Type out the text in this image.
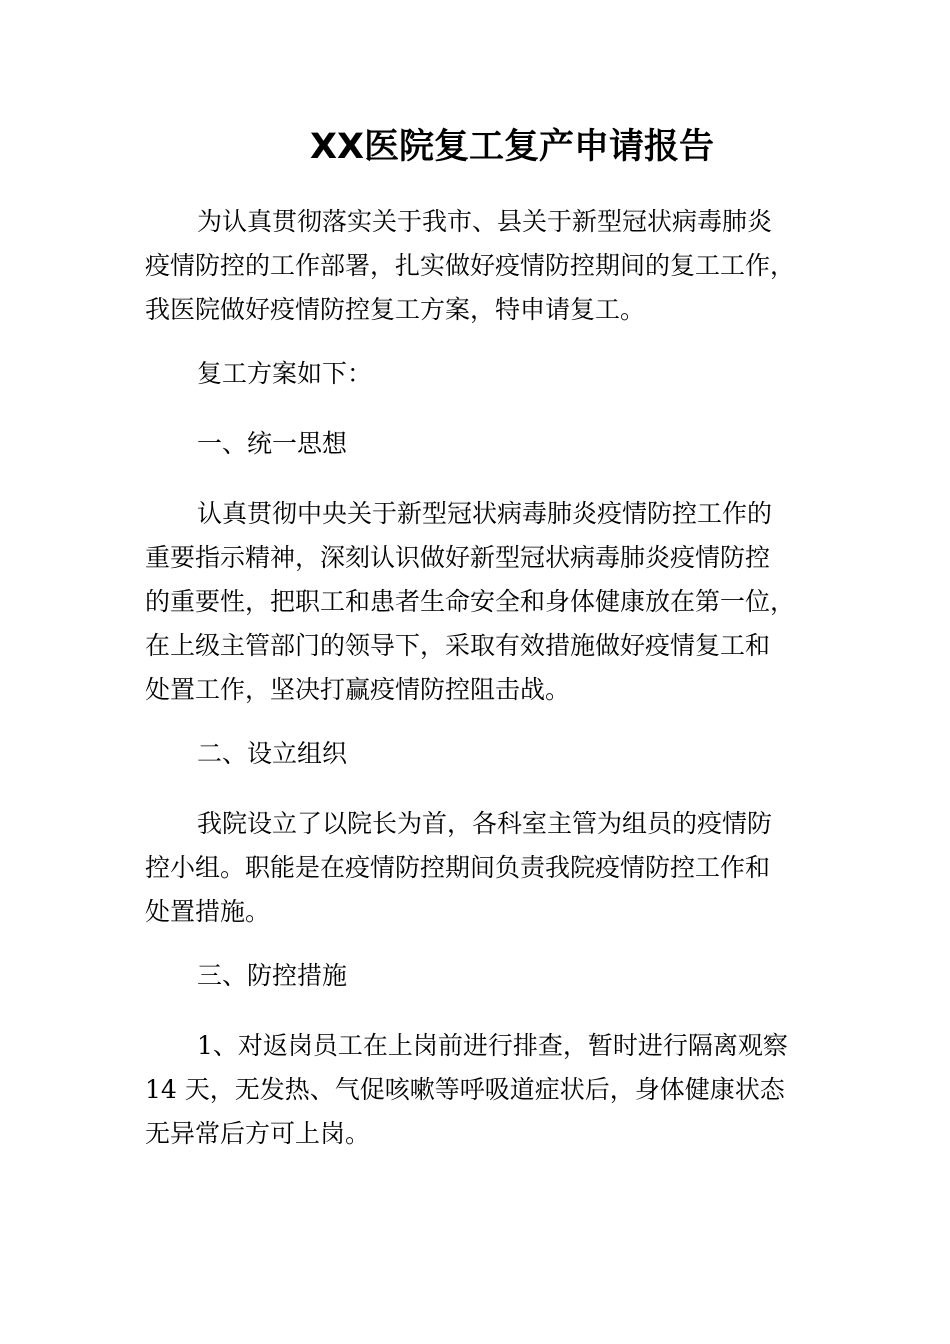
XX医院复工复产申请报告
为认真贯彻落实关于我市、县关于新型冠状病毒肺炎
疫情防控的工作部署，扎实做好疫情防控期间的复工工作，
我医院做好疫情防控复工方案，特申请复工。
复工方案如下：
一、统一思想
认真贯彻中央关于新型冠状病毒肺炎疫情防控工作的
重要指示精神，深刻认识做好新型冠状病毒肺炎疫情防控
的重要性，把职工和患者生命安全和身体健康放在第一位，
在上级主管部门的领导下，采取有效措施做好疫情复工和
处置工作，坚决打赢疫情防控阻击战。
二、设立组织
我院设立了以院长为首，各科室主管为组员的疫情防
控小组。职能是在疫情防控期间负责我院疫情防控工作和
处置措施。
三、防控措施
1、对返岗员工在上岗前进行排查，暂时进行隔离观察
14 天，无发热、气促咳嗽等呼吸道症状后，身体健康状态
无异常后方可上岗。
